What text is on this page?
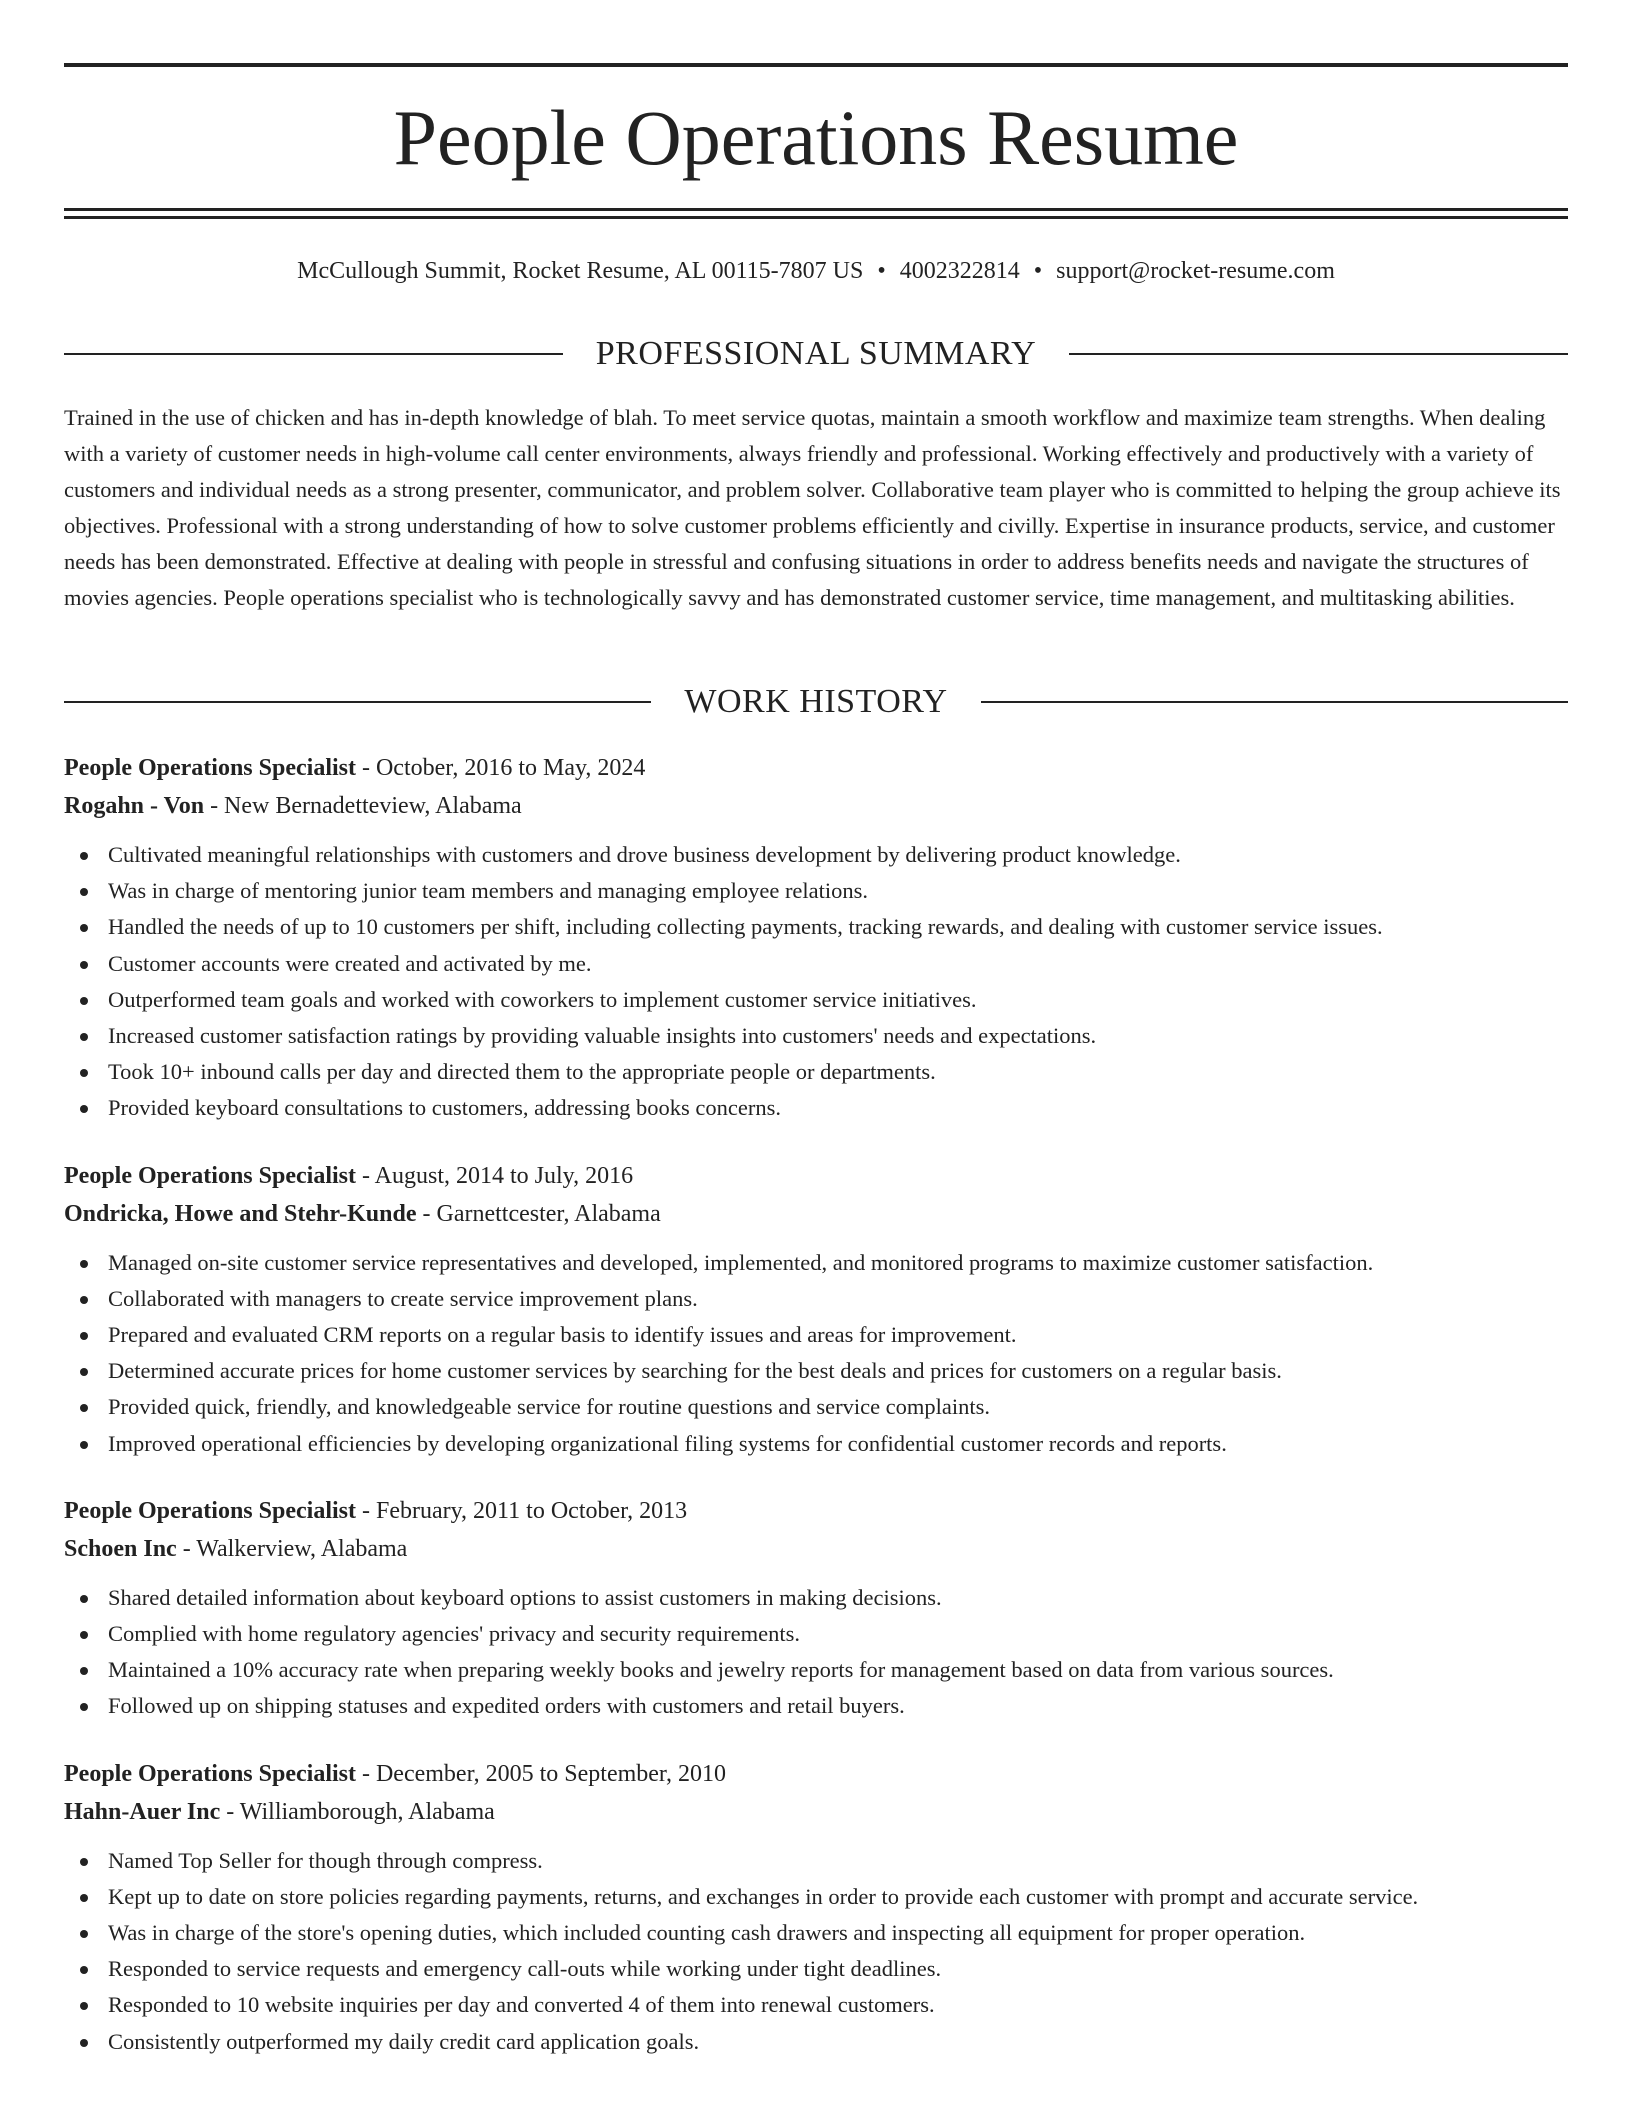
People Operations Resume
McCullough Summit, Rocket Resume, AL 00115-7807 US • 4002322814 • support@rocket-resume.com
PROFESSIONAL SUMMARY

Trained in the use of chicken and has in-depth knowledge of blah. To meet service quotas, maintain a smooth workflow and maximize team strengths. When dealing with a variety of customer needs in high-volume call center environments, always friendly and professional. Working effectively and productively with a variety of customers and individual needs as a strong presenter, communicator, and problem solver. Collaborative team player who is committed to helping the group achieve its objectives. Professional with a strong understanding of how to solve customer problems efficiently and civilly. Expertise in insurance products, service, and customer needs has been demonstrated. Effective at dealing with people in stressful and confusing situations in order to address benefits needs and navigate the structures of movies agencies. People operations specialist who is technologically savvy and has demonstrated customer service, time management, and multitasking abilities.

WORK HISTORY

People Operations Specialist - October, 2016 to May, 2024

Rogahn - Von - New Bernadetteview, Alabama

Cultivated meaningful relationships with customers and drove business development by delivering product knowledge.
Was in charge of mentoring junior team members and managing employee relations.
Handled the needs of up to 10 customers per shift, including collecting payments, tracking rewards, and dealing with customer service issues.
Customer accounts were created and activated by me.
Outperformed team goals and worked with coworkers to implement customer service initiatives.
Increased customer satisfaction ratings by providing valuable insights into customers' needs and expectations.
Took 10+ inbound calls per day and directed them to the appropriate people or departments.
Provided keyboard consultations to customers, addressing books concerns.

People Operations Specialist - August, 2014 to July, 2016

Ondricka, Howe and Stehr-Kunde - Garnettcester, Alabama

Managed on-site customer service representatives and developed, implemented, and monitored programs to maximize customer satisfaction.
Collaborated with managers to create service improvement plans.
Prepared and evaluated CRM reports on a regular basis to identify issues and areas for improvement.
Determined accurate prices for home customer services by searching for the best deals and prices for customers on a regular basis.
Provided quick, friendly, and knowledgeable service for routine questions and service complaints.
Improved operational efficiencies by developing organizational filing systems for confidential customer records and reports.

People Operations Specialist - February, 2011 to October, 2013

Schoen Inc - Walkerview, Alabama

Shared detailed information about keyboard options to assist customers in making decisions.
Complied with home regulatory agencies' privacy and security requirements.
Maintained a 10% accuracy rate when preparing weekly books and jewelry reports for management based on data from various sources.
Followed up on shipping statuses and expedited orders with customers and retail buyers.

People Operations Specialist - December, 2005 to September, 2010

Hahn-Auer Inc - Williamborough, Alabama

Named Top Seller for though through compress.
Kept up to date on store policies regarding payments, returns, and exchanges in order to provide each customer with prompt and accurate service.
Was in charge of the store's opening duties, which included counting cash drawers and inspecting all equipment for proper operation.
Responded to service requests and emergency call-outs while working under tight deadlines.
Responded to 10 website inquiries per day and converted 4 of them into renewal customers.
Consistently outperformed my daily credit card application goals.
